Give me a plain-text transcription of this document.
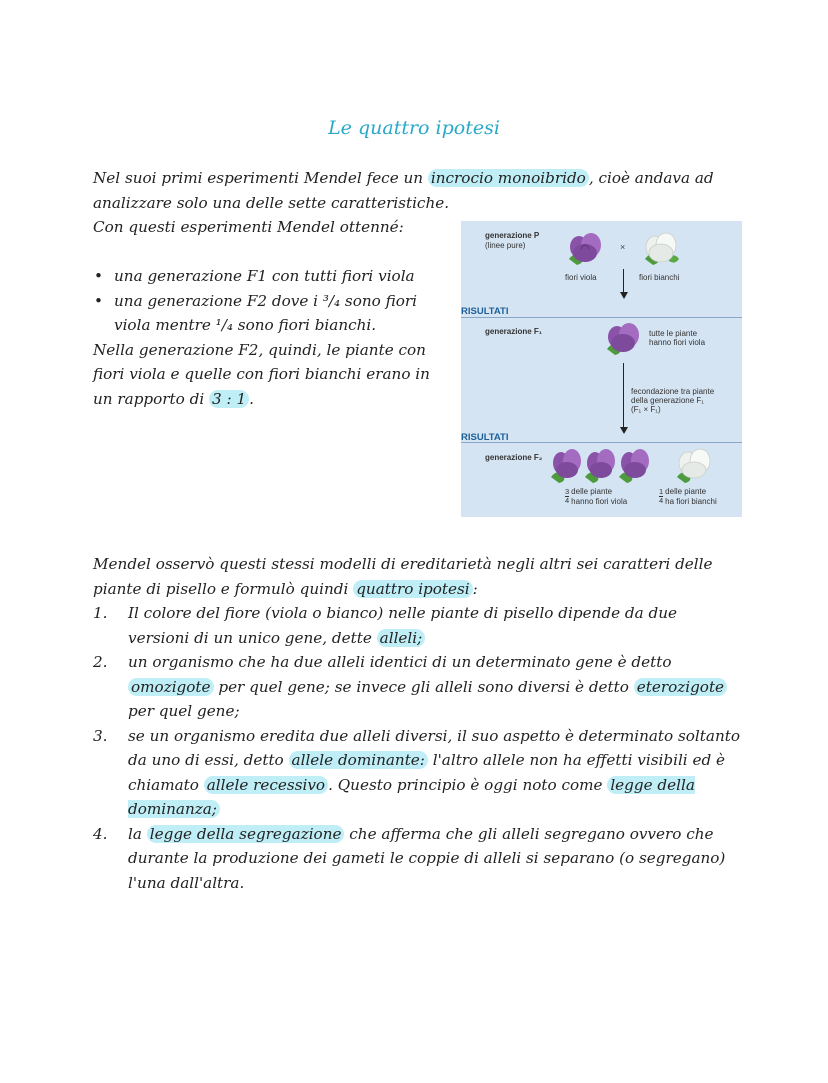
Le quattro ipotesi

Nel suoi primi esperimenti Mendel fece un incrocio monoibrido , cioè andava ad analizzare solo una delle sette caratteristiche.

Con questi esperimenti Mendel ottenné:

• una generazione F1 con tutti fiori viola
• una generazione F2 dove i ³/₄ sono fiori viola mentre ¹/₄ sono fiori bianchi.

Nella generazione F2, quindi, le piante con fiori viola e quelle con fiori bianchi erano in un rapporto di 3 : 1 .

generazione P
(linee pure)	×
fiori viola	fiori bianchi
RISULTATI
generazione F₁	tutte le piante
hanno fiori viola
fecondazione tra piante
della generazione F₁
(F₁ × F₁)
RISULTATI
generazione F₂
$\frac{3}{4}$ delle piante
hanno fiori viola	$\frac{1}{4}$ delle piante
ha fiori bianchi

Mendel osservò questi stessi modelli di ereditarietà negli altri sei caratteri delle piante di pisello e formulò quindi quattro ipotesi :

1. Il colore del fiore (viola o bianco) nelle piante di pisello dipende da due versioni di un unico gene, dette alleli;
2. un organismo che ha due alleli identici di un determinato gene è detto omozigote per quel gene; se invece gli alleli sono diversi è detto eterozigote per quel gene;
3. se un organismo eredita due alleli diversi, il suo aspetto è determinato soltanto da uno di essi, detto allele dominante: l'altro allele non ha effetti visibili ed è chiamato allele recessivo . Questo principio è oggi noto come legge della dominanza;
4. la legge della segregazione che afferma che gli alleli segregano ovvero che durante la produzione dei gameti le coppie di alleli si separano (o segregano) l'una dall'altra.
